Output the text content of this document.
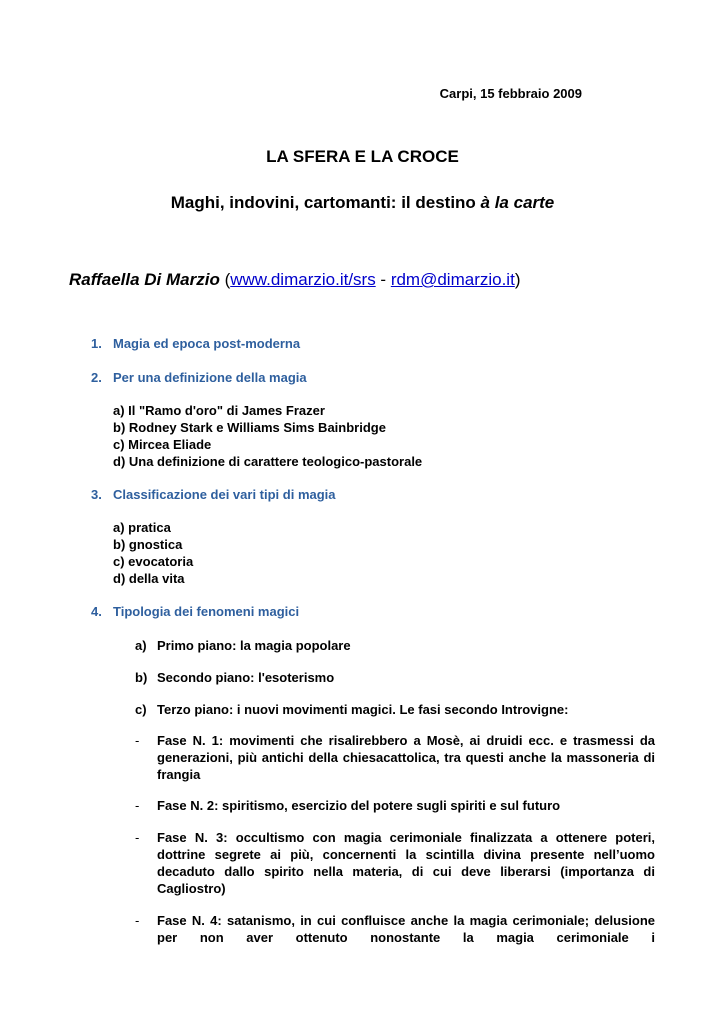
Carpi, 15 febbraio 2009
LA SFERA E LA CROCE
Maghi, indovini, cartomanti: il destino à la carte
Raffaella Di Marzio (www.dimarzio.it/srs - rdm@dimarzio.it)
1. Magia ed epoca post-moderna
2. Per una definizione della magia
a) Il "Ramo d'oro" di James Frazer
b) Rodney Stark e Williams Sims Bainbridge
c) Mircea Eliade
d) Una definizione di carattere teologico-pastorale
3. Classificazione dei vari tipi di magia
a) pratica
b) gnostica
c) evocatoria
d) della vita
4. Tipologia dei fenomeni magici
a) Primo piano: la magia popolare
b) Secondo piano: l'esoterismo
c) Terzo piano: i nuovi movimenti magici. Le fasi secondo Introvigne:
- Fase N. 1: movimenti che risalirebbero a Mosè, ai druidi ecc. e trasmessi da generazioni, più antichi della chiesacattolica, tra questi anche la massoneria di frangia
- Fase N. 2: spiritismo, esercizio del potere sugli spiriti e sul futuro
- Fase N. 3: occultismo con magia cerimoniale finalizzata a ottenere poteri, dottrine segrete ai più, concernenti la scintilla divina presente nell’uomo decaduto dallo spirito nella materia, di cui deve liberarsi (importanza di Cagliostro)
- Fase N. 4: satanismo, in cui confluisce anche la magia cerimoniale; delusione per non aver ottenuto nonostante la magia cerimoniale i
